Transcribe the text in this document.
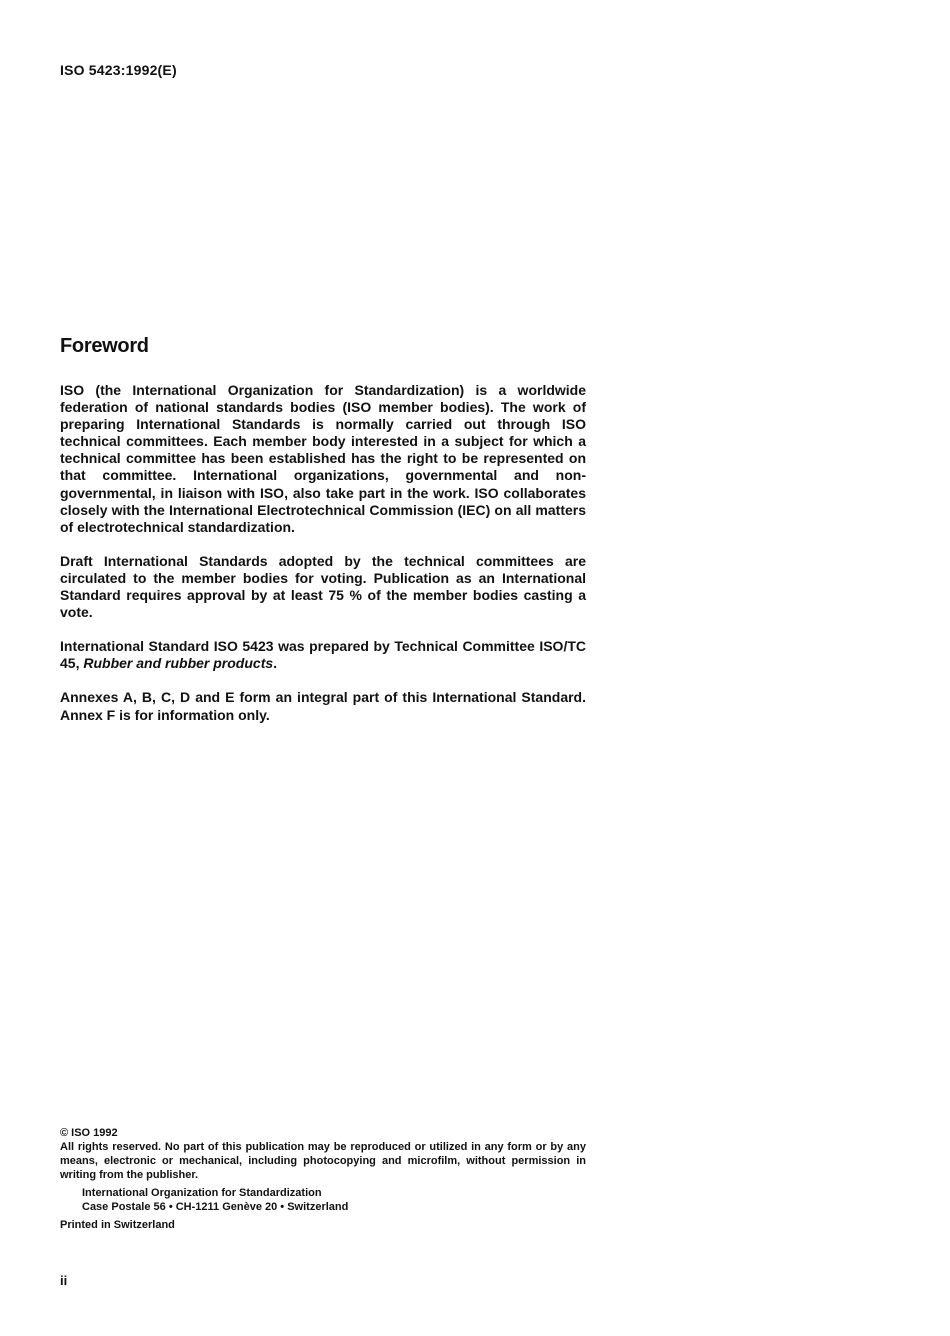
ISO 5423:1992(E)
Foreword

ISO (the International Organization for Standardization) is a worldwide federation of national standards bodies (ISO member bodies). The work of preparing International Standards is normally carried out through ISO technical committees. Each member body interested in a subject for which a technical committee has been established has the right to be represented on that committee. International organizations, governmental and non-governmental, in liaison with ISO, also take part in the work. ISO collaborates closely with the International Electrotechnical Commission (IEC) on all matters of electrotechnical standardization.

Draft International Standards adopted by the technical committees are circulated to the member bodies for voting. Publication as an International Standard requires approval by at least 75 % of the member bodies casting a vote.

International Standard ISO 5423 was prepared by Technical Committee ISO/TC 45, Rubber and rubber products.

Annexes A, B, C, D and E form an integral part of this International Standard. Annex F is for information only.

© ISO 1992
All rights reserved. No part of this publication may be reproduced or utilized in any form or by any means, electronic or mechanical, including photocopying and microfilm, without permission in writing from the publisher.
International Organization for Standardization
Case Postale 56 • CH-1211 Genève 20 • Switzerland
Printed in Switzerland
ii
